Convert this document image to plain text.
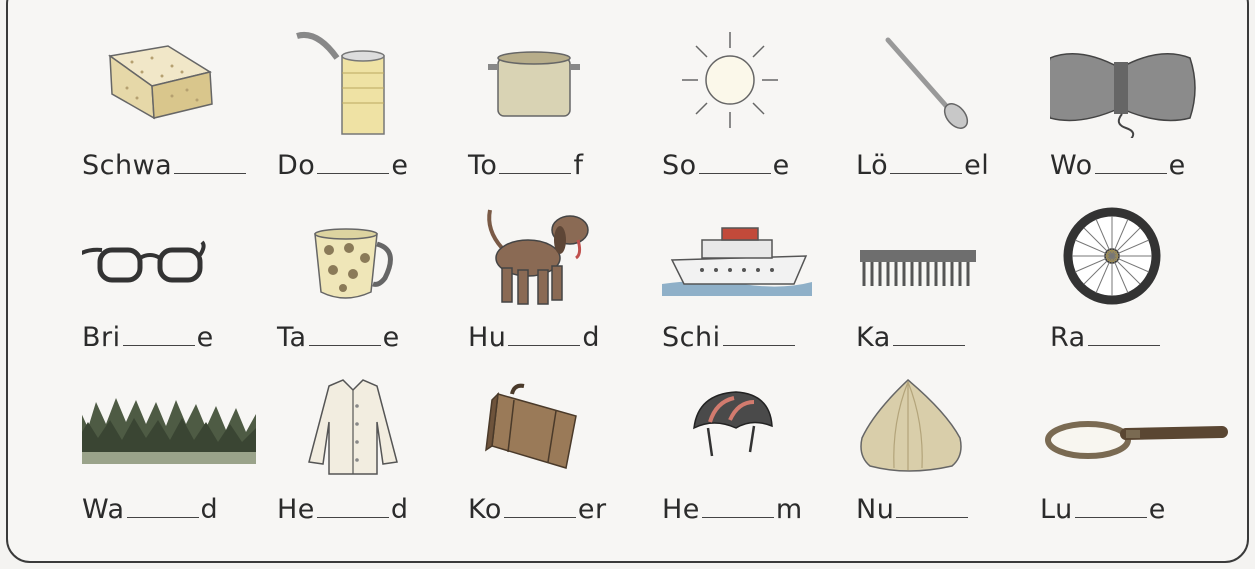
Schwa	Do	e To	f	So	e Lö	el Wo	e
Bri	e Ta	e	Hu	d Schi	Ka	Ra
Wa	d He	d Ko	er He	m Nu	Lu	e
